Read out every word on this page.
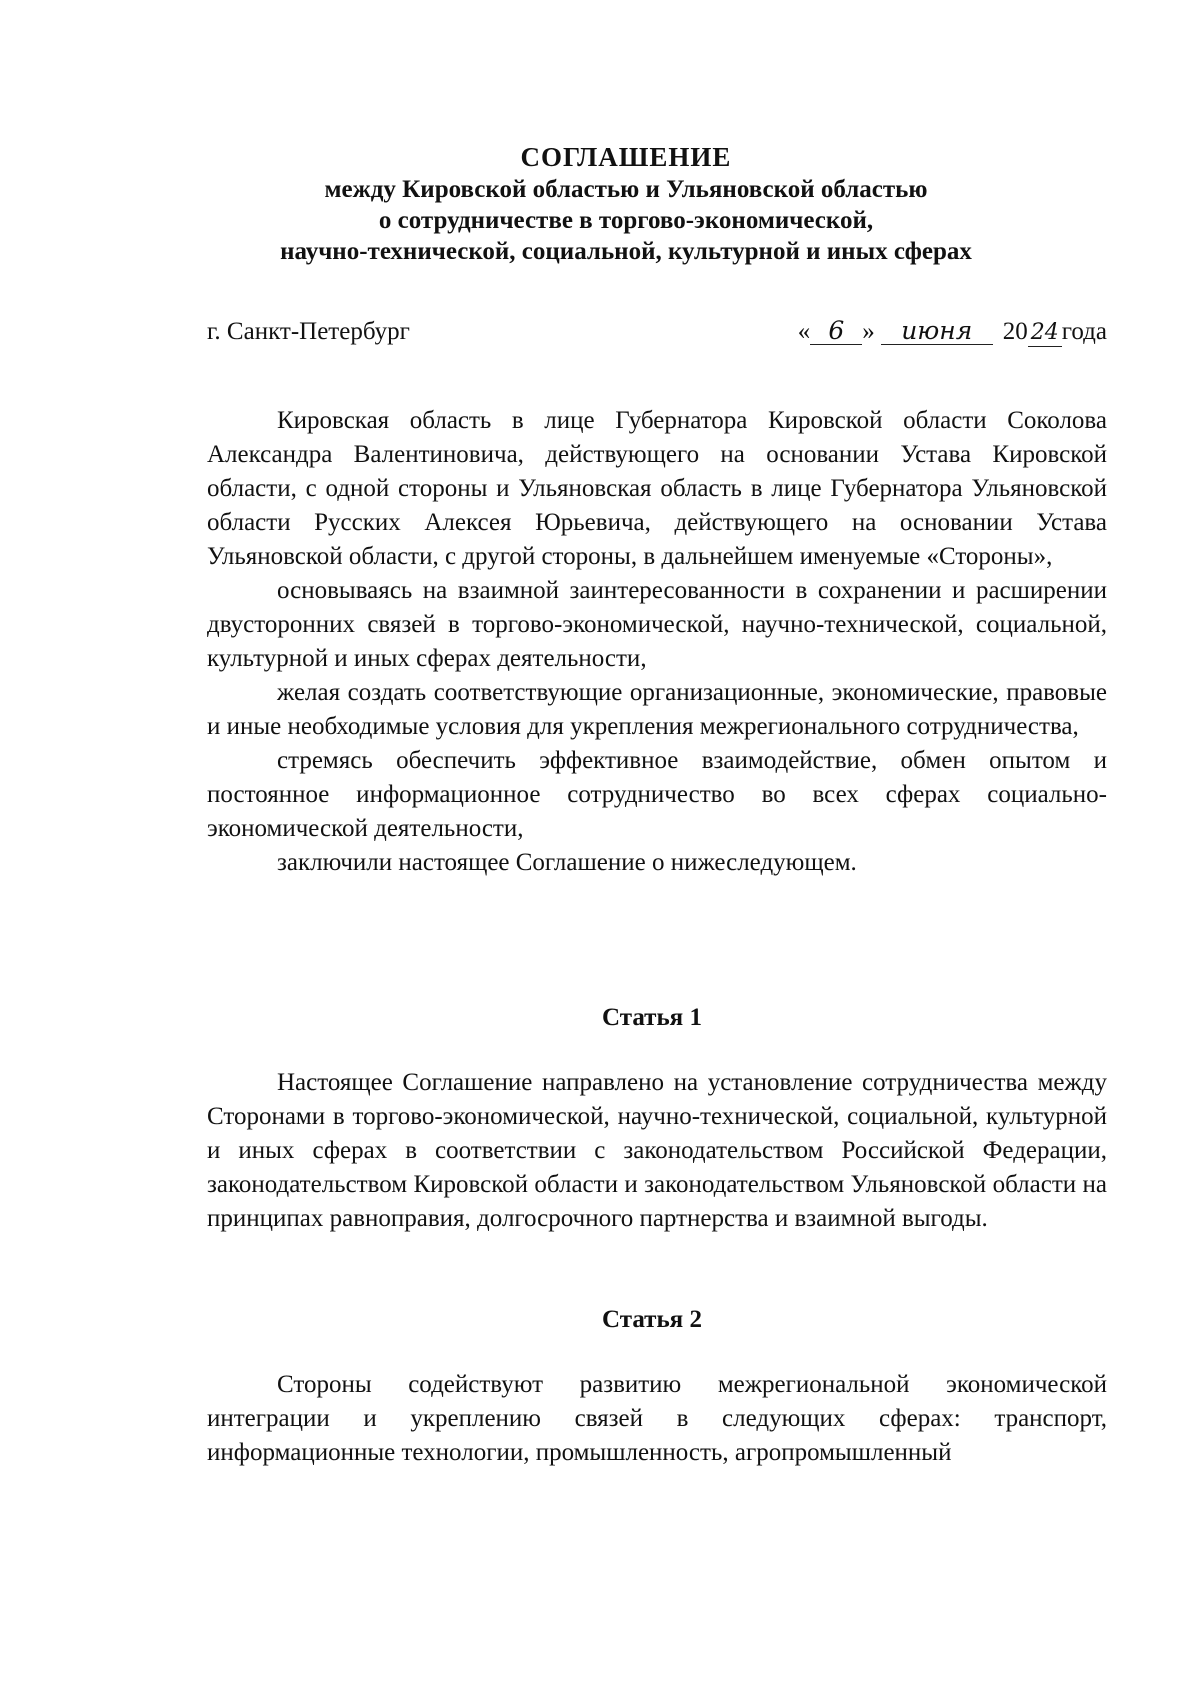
СОГЛАШЕНИЕ
между Кировской областью и Ульяновской областью
о сотрудничестве в торгово-экономической,
научно-технической, социальной, культурной и иных сферах
г. Санкт-Петербург	« 6 » июня 20 24 года

Кировская область в лице Губернатора Кировской области Соколова Александра Валентиновича, действующего на основании Устава Кировской области, с одной стороны и Ульяновская область в лице Губернатора Ульяновской области Русских Алексея Юрьевича, действующего на основании Устава Ульяновской области, с другой стороны, в дальнейшем именуемые «Стороны»,

основываясь на взаимной заинтересованности в сохранении и расширении двусторонних связей в торгово-экономической, научно-технической, социальной, культурной и иных сферах деятельности,

желая создать соответствующие организационные, экономические, правовые и иные необходимые условия для укрепления межрегионального сотрудничества,

стремясь обеспечить эффективное взаимодействие, обмен опытом и постоянное информационное сотрудничество во всех сферах социально-экономической деятельности,

заключили настоящее Соглашение о нижеследующем.

Статья 1

Настоящее Соглашение направлено на установление сотрудничества между Сторонами в торгово-экономической, научно-технической, социальной, культурной и иных сферах в соответствии с законодательством Российской Федерации, законодательством Кировской области и законодательством Ульяновской области на принципах равноправия, долгосрочного партнерства и взаимной выгоды.

Статья 2

Стороны содействуют развитию межрегиональной экономической интеграции и укреплению связей в следующих сферах: транспорт, информационные технологии, промышленность, агропромышленный
